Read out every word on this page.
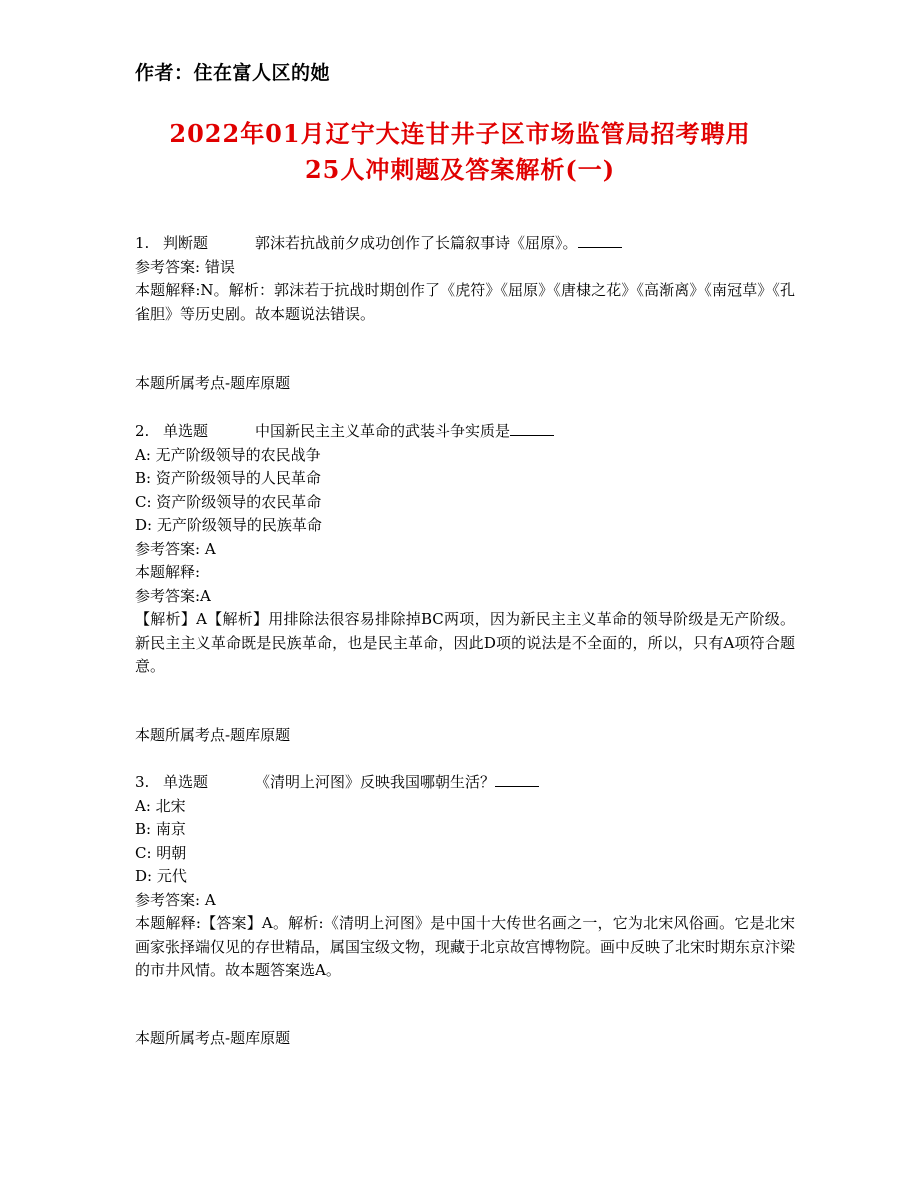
作者：住在富人区的她
2022年01月辽宁大连甘井子区市场监管局招考聘用
25人冲刺题及答案解析(一)
1. 判断题	郭沫若抗战前夕成功创作了长篇叙事诗《屈原》。
参考答案: 错误
本题解释:N。解析：郭沫若于抗战时期创作了《虎符》《屈原》《唐棣之花》《高渐离》《南冠草》《孔雀胆》等历史剧。故本题说法错误。
本题所属考点-题库原题
2. 单选题	中国新民主主义革命的武装斗争实质是
A: 无产阶级领导的农民战争
B: 资产阶级领导的人民革命
C: 资产阶级领导的农民革命
D: 无产阶级领导的民族革命
参考答案: A
本题解释:
参考答案:A
【解析】A【解析】用排除法很容易排除掉BC两项，因为新民主主义革命的领导阶级是无产阶级。新民主主义革命既是民族革命，也是民主革命，因此D项的说法是不全面的，所以，只有A项符合题意。
本题所属考点-题库原题
3. 单选题	《清明上河图》反映我国哪朝生活？
A: 北宋
B: 南京
C: 明朝
D: 元代
参考答案: A
本题解释:【答案】A。解析:《清明上河图》是中国十大传世名画之一，它为北宋风俗画。它是北宋画家张择端仅见的存世精品，属国宝级文物，现藏于北京故宫博物院。画中反映了北宋时期东京汴梁的市井风情。故本题答案选A。
本题所属考点-题库原题
